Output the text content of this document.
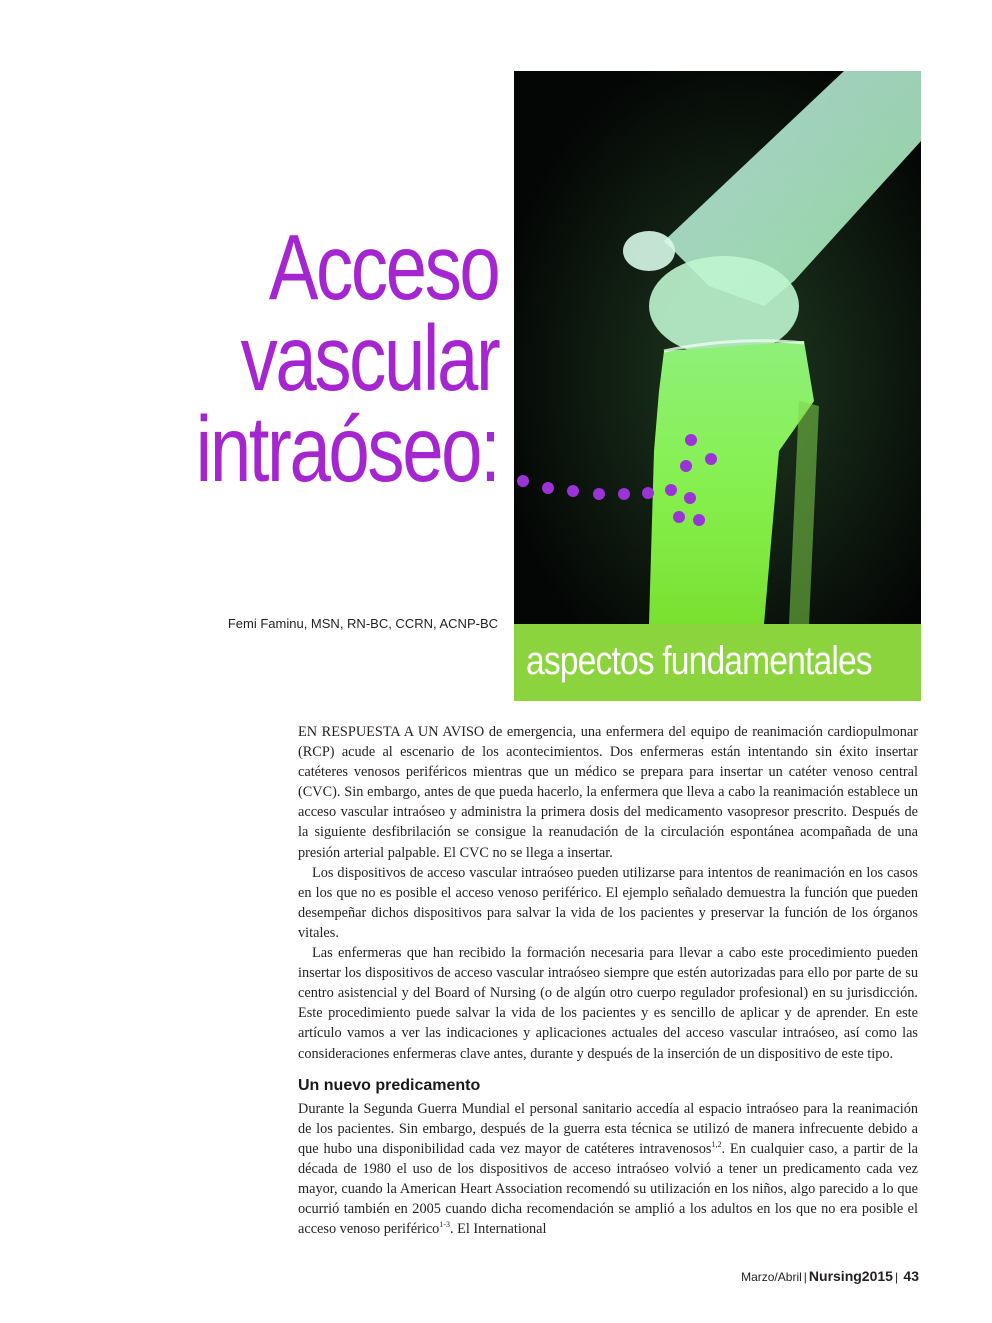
Acceso
vascular
intraóseo:
Femi Faminu, MSN, RN-BC, CCRN, ACNP-BC
aspectos fundamentales

EN RESPUESTA A UN AVISO de emergencia, una enfermera del equipo de reanimación cardiopulmonar (RCP) acude al escenario de los acontecimientos. Dos enfermeras están intentando sin éxito insertar catéteres venosos periféricos mientras que un médico se prepara para insertar un catéter venoso central (CVC). Sin embargo, antes de que pueda hacerlo, la enfermera que lleva a cabo la reanimación establece un acceso vascular intraóseo y administra la primera dosis del medicamento vasopresor prescrito. Después de la siguiente desfibrilación se consigue la reanudación de la circulación espontánea acompañada de una presión arterial palpable. El CVC no se llega a insertar.

Los dispositivos de acceso vascular intraóseo pueden utilizarse para intentos de reanimación en los casos en los que no es posible el acceso venoso periférico. El ejemplo señalado demuestra la función que pueden desempeñar dichos dispositivos para salvar la vida de los pacientes y preservar la función de los órganos vitales.

Las enfermeras que han recibido la formación necesaria para llevar a cabo este procedimiento pueden insertar los dispositivos de acceso vascular intraóseo siempre que estén autorizadas para ello por parte de su centro asistencial y del Board of Nursing (o de algún otro cuerpo regulador profesional) en su jurisdicción. Este procedimiento puede salvar la vida de los pacientes y es sencillo de aplicar y de aprender. En este artículo vamos a ver las indicaciones y aplicaciones actuales del acceso vascular intraóseo, así como las consideraciones enfermeras clave antes, durante y después de la inserción de un dispositivo de este tipo.

Un nuevo predicamento

Durante la Segunda Guerra Mundial el personal sanitario accedía al espacio intraóseo para la reanimación de los pacientes. Sin embargo, después de la guerra esta técnica se utilizó de manera infrecuente debido a que hubo una disponibilidad cada vez mayor de catéteres intravenosos$^{1,2}$. En cualquier caso, a partir de la década de 1980 el uso de los dispositivos de acceso intraóseo volvió a tener un predicamento cada vez mayor, cuando la American Heart Association recomendó su utilización en los niños, algo parecido a lo que ocurrió también en 2005 cuando dicha recomendación se amplió a los adultos en los que no era posible el acceso venoso periférico$^{1-3}$. El International

Marzo/Abril | Nursing2015 | 43
